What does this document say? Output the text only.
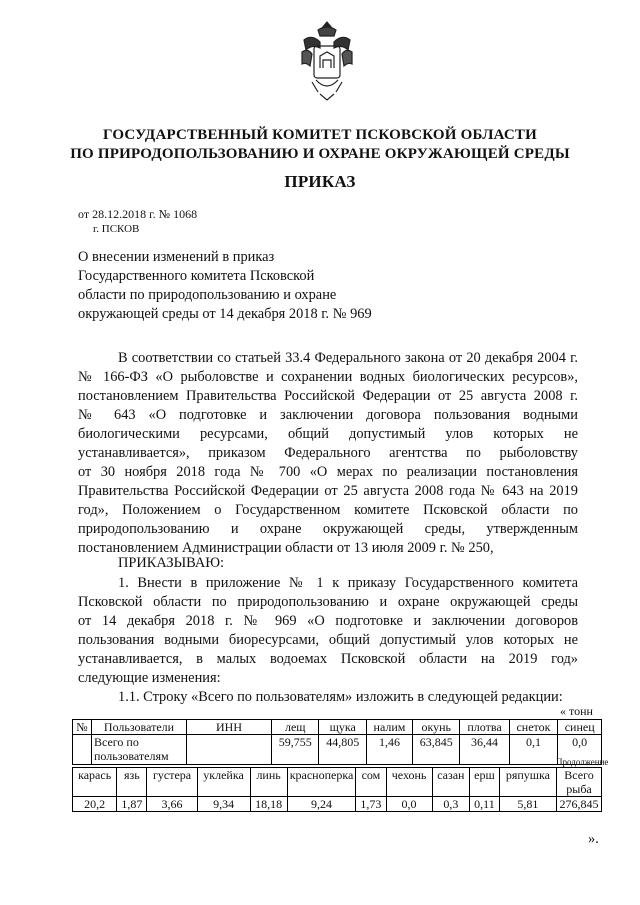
ГОСУДАРСТВЕННЫЙ КОМИТЕТ ПСКОВСКОЙ ОБЛАСТИ
ПО ПРИРОДОПОЛЬЗОВАНИЮ И ОХРАНЕ ОКРУЖАЮЩЕЙ СРЕДЫ
ПРИКАЗ
от 28.12.2018 г. № 1068
г. ПСКОВ
О внесении изменений в приказ
Государственного комитета Псковской
области по природопользованию и охране
окружающей среды от 14 декабря 2018 г. № 969
В соответствии со статьей 33.4 Федерального закона от 20 декабря 2004 г.
№ 166-ФЗ «О рыболовстве и сохранении водных биологических ресурсов»,
постановлением Правительства Российской Федерации от 25 августа 2008 г.
№ 643 «О подготовке и заключении договора пользования водными
биологическими ресурсами, общий допустимый улов которых не
устанавливается», приказом Федерального агентства по рыболовству
от 30 ноября 2018 года № 700 «О мерах по реализации постановления
Правительства Российской Федерации от 25 августа 2008 года № 643 на 2019
год», Положением о Государственном комитете Псковской области по
природопользованию и охране окружающей среды, утвержденным
постановлением Администрации области от 13 июля 2009 г. № 250,
ПРИКАЗЫВАЮ:
1. Внести в приложение № 1 к приказу Государственного комитета
Псковской области по природопользованию и охране окружающей среды
от 14 декабря 2018 г. № 969 «О подготовке и заключении договоров
пользования водными биоресурсами, общий допустимый улов которых не
устанавливается, в малых водоемах Псковской области на 2019 год»
следующие изменения:
1.1. Строку «Всего по пользователям» изложить в следующей редакции:
« тонн
№	Пользователи	ИНН	лещ	щука	налим	окунь	плотва	снеток	синец
	Всего по пользователям		59,755	44,805	1,46	63,845	36,44	0,1	0,0
Продолжение
карась	язь	густера	уклейка	линь	красноперка	сом	чехонь	сазан	ерш	ряпушка	Всего рыба
20,2	1,87	3,66	9,34	18,18	9,24	1,73	0,0	0,3	0,11	5,81	276,845
».
